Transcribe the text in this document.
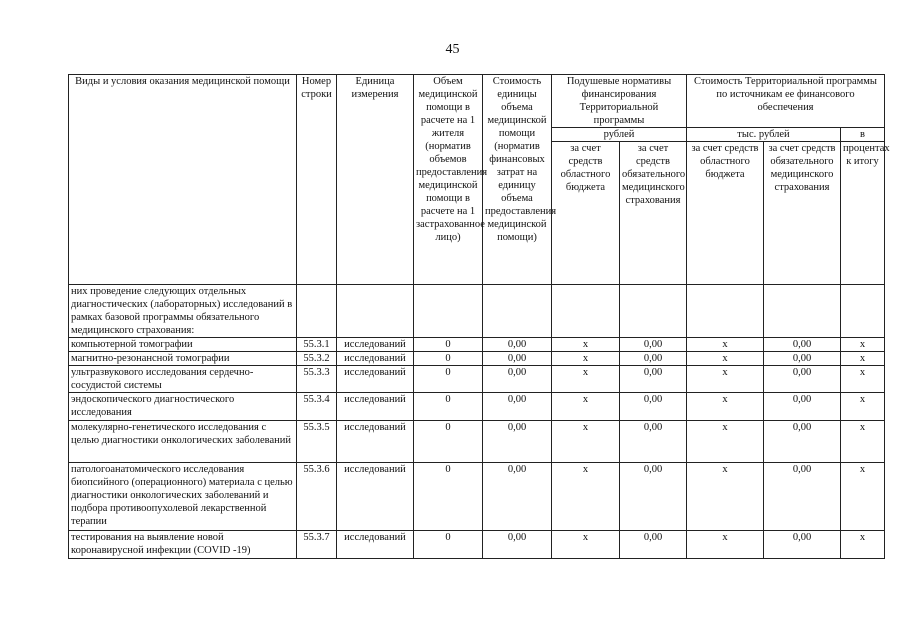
45
Виды и условия оказания медицинской помощи	Номер строки	Единица измерения	Объем медицинской помощи в расчете на 1 жителя (норматив объемов предоставления медицинской помощи в расчете на 1 застрахованное лицо)	Стоимость единицы объема медицинской помощи (норматив финансовых затрат на единицу объема предоставления медицинской помощи)	Подушевые нормативы финансирования Территориальной программы		Стоимость Территориальной программы по источникам ее финансового обеспечения		
					рублей		тыс. рублей		в
					за счет средств областного бюджета	за счет средств обязательного медицинского страхования	за счет средств областного бюджета	за счет средств обязательного медицинского страхования	процентах к итогу
них проведение следующих отдельных диагностических (лабораторных) исследований в рамках базовой программы обязательного медицинского страхования:									
компьютерной томографии	55.3.1	исследований	0	0,00	x	0,00	x	0,00	x
магнитно-резонансной томографии	55.3.2	исследований	0	0,00	x	0,00	x	0,00	x
ультразвукового исследования сердечно-сосудистой системы	55.3.3	исследований	0	0,00	x	0,00	x	0,00	x
эндоскопического диагностического исследования	55.3.4	исследований	0	0,00	x	0,00	x	0,00	x
молекулярно-генетического исследования с целью диагностики онкологических заболеваний	55.3.5	исследований	0	0,00	x	0,00	x	0,00	x
патологоанатомического исследования биопсийного (операционного) материала с целью диагностики онкологических заболеваний и подбора противоопухолевой лекарственной терапии	55.3.6	исследований	0	0,00	x	0,00	x	0,00	x
тестирования на выявление новой коронавирусной инфекции (COVID -19)	55.3.7	исследований	0	0,00	x	0,00	x	0,00	x
